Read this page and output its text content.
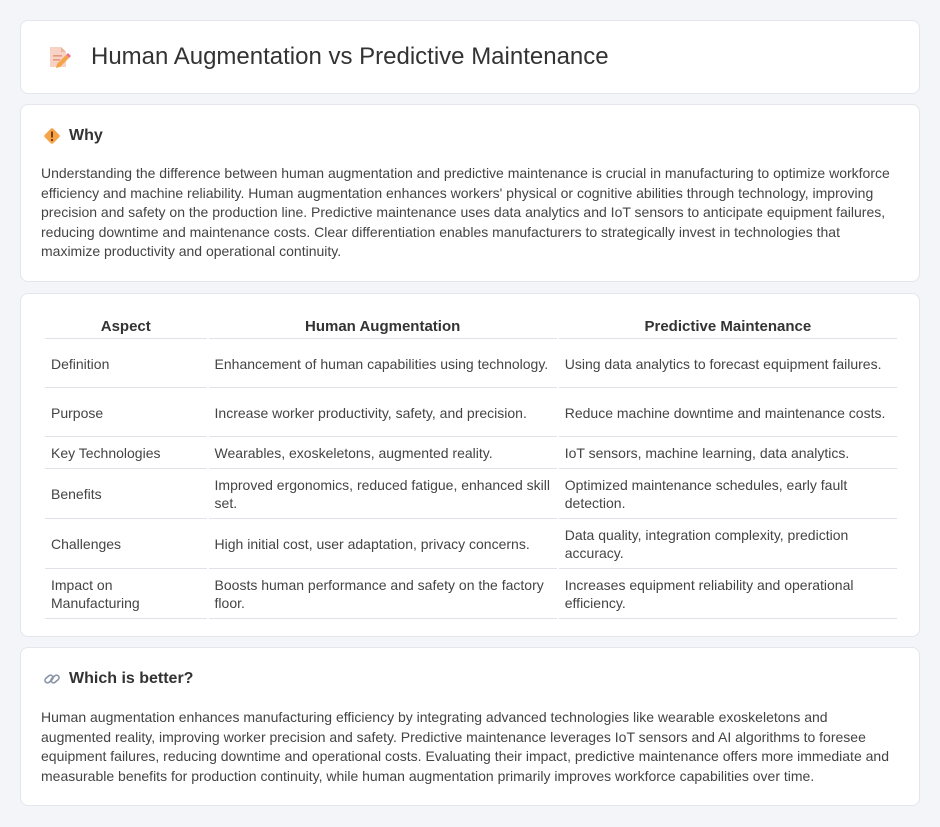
Human Augmentation vs Predictive Maintenance
Why

Understanding the difference between human augmentation and predictive maintenance is crucial in manufacturing to optimize workforce efficiency and machine reliability. Human augmentation enhances workers' physical or cognitive abilities through technology, improving precision and safety on the production line. Predictive maintenance uses data analytics and IoT sensors to anticipate equipment failures, reducing downtime and maintenance costs. Clear differentiation enables manufacturers to strategically invest in technologies that maximize productivity and operational continuity.

Aspect	Human Augmentation	Predictive Maintenance
Definition	Enhancement of human capabilities using technology.	Using data analytics to forecast equipment failures.
Purpose	Increase worker productivity, safety, and precision.	Reduce machine downtime and maintenance costs.
Key Technologies	Wearables, exoskeletons, augmented reality.	IoT sensors, machine learning, data analytics.
Benefits	Improved ergonomics, reduced fatigue, enhanced skill set.	Optimized maintenance schedules, early fault detection.
Challenges	High initial cost, user adaptation, privacy concerns.	Data quality, integration complexity, prediction accuracy.
Impact on Manufacturing	Boosts human performance and safety on the factory floor.	Increases equipment reliability and operational efficiency.
Which is better?

Human augmentation enhances manufacturing efficiency by integrating advanced technologies like wearable exoskeletons and augmented reality, improving worker precision and safety. Predictive maintenance leverages IoT sensors and AI algorithms to foresee equipment failures, reducing downtime and operational costs. Evaluating their impact, predictive maintenance offers more immediate and measurable benefits for production continuity, while human augmentation primarily improves workforce capabilities over time.
